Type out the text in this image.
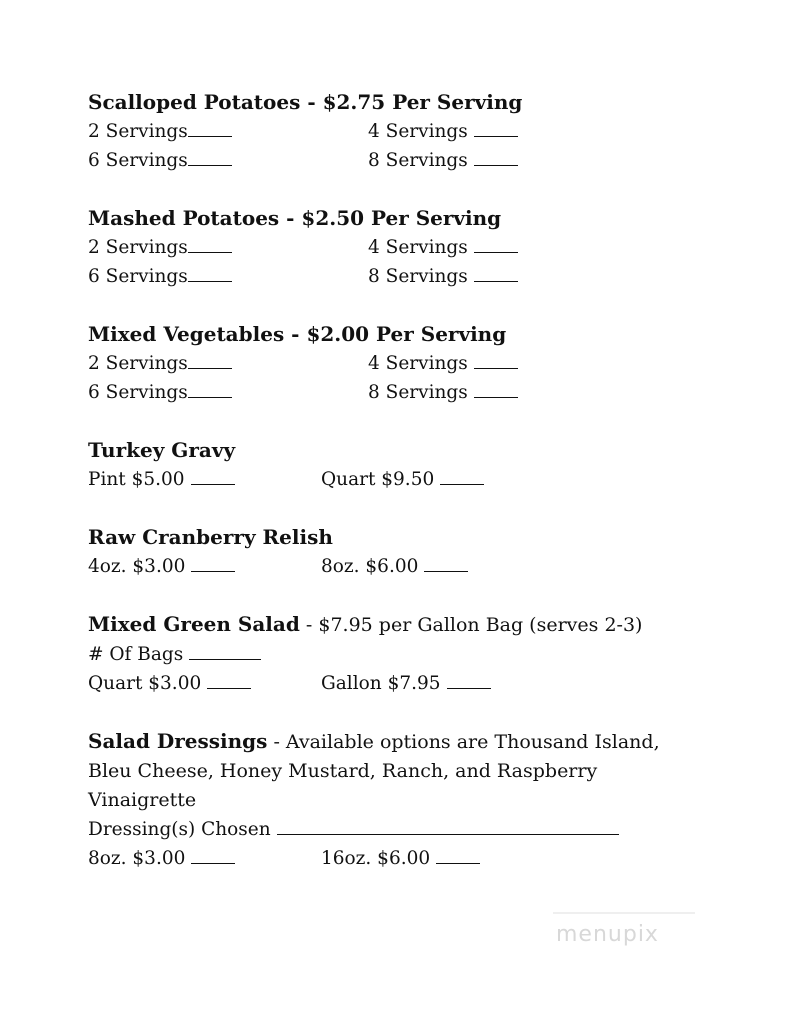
Scalloped Potatoes - $2.75 Per Serving
2 Servings	4 Servings
6 Servings	8 Servings
Mashed Potatoes - $2.50 Per Serving
2 Servings	4 Servings
6 Servings	8 Servings
Mixed Vegetables - $2.00 Per Serving
2 Servings	4 Servings
6 Servings	8 Servings
Turkey Gravy
Pint $5.00	Quart $9.50
Raw Cranberry Relish
4oz. $3.00	8oz. $6.00
Mixed Green Salad - $7.95 per Gallon Bag (serves 2-3)
# Of Bags
Quart $3.00	Gallon $7.95
Salad Dressings - Available options are Thousand Island,
Bleu Cheese, Honey Mustard, Ranch, and Raspberry
Vinaigrette
Dressing(s) Chosen
8oz. $3.00	16oz. $6.00
menupix
